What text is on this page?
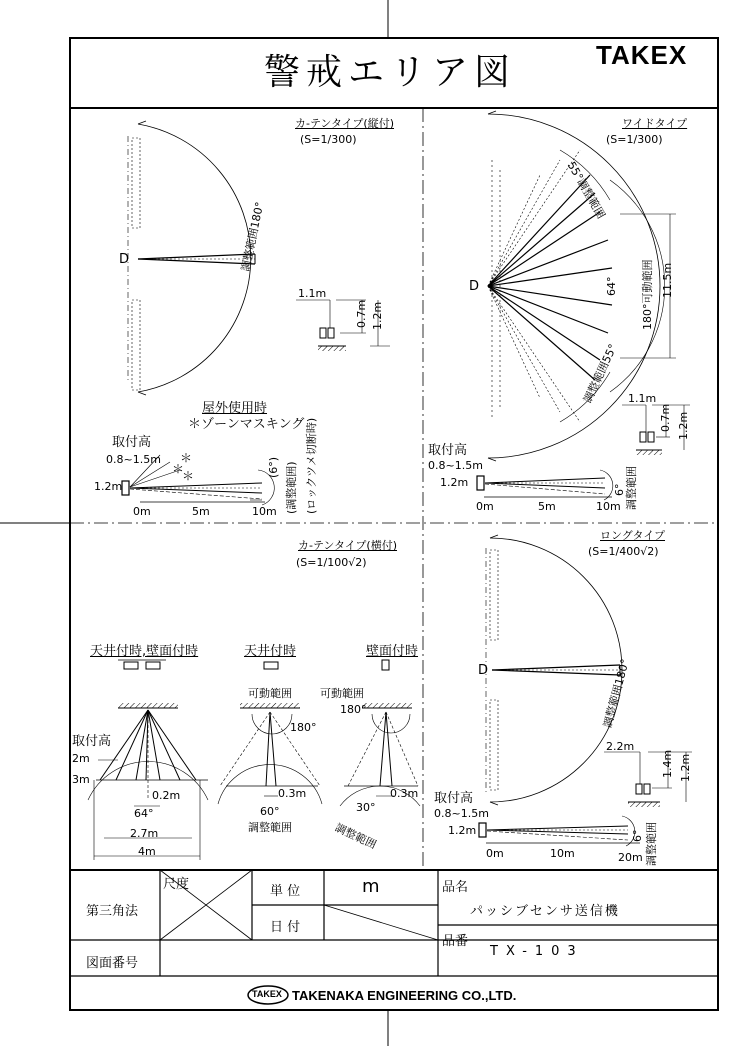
警戒エリア図	TAKEX
カ-テンタイプ(縦付)
(S=1/300)
調整範囲180°
D
1.1m
0.7m 1.2m
屋外使用時
＊ゾーンマスキング
取付高
0.8~1.5m ＊
＊
＊
1.2m
0m	5m	10m
(6°) (調整範囲) (ロックツメ切断時)
ワイドタイプ
(S=1/300)
55°調整範囲
64° 180°可動範囲
調整範囲55°
11.5m
D
1.1m
0.7m 1.2m
取付高
0.8~1.5m
1.2m
0m	5m	10m
6° 調整範囲
カ-テンタイプ(横付)
(S=1/100√2)
天井付時,壁面付時	天井付時	壁面付時
取付高
2m
3m
0.2m
64°
2.7m
4m
可動範囲
180°
0.3m
60°
調整範囲
可動範囲
180°
0.3m
30°
調整範囲
ロングタイプ
(S=1/400√2)
調整範囲180°
D
2.2m
1.4m 1.2m
取付高
0.8~1.5m
1.2m
0m	10m	20m
6° 調整範囲
第三角法
尺度	単 位	m
日 付
品名
パッシブセンサ送信機
品番
TX-103
図面番号
TAKEX TAKENAKA ENGINEERING CO.,LTD.
